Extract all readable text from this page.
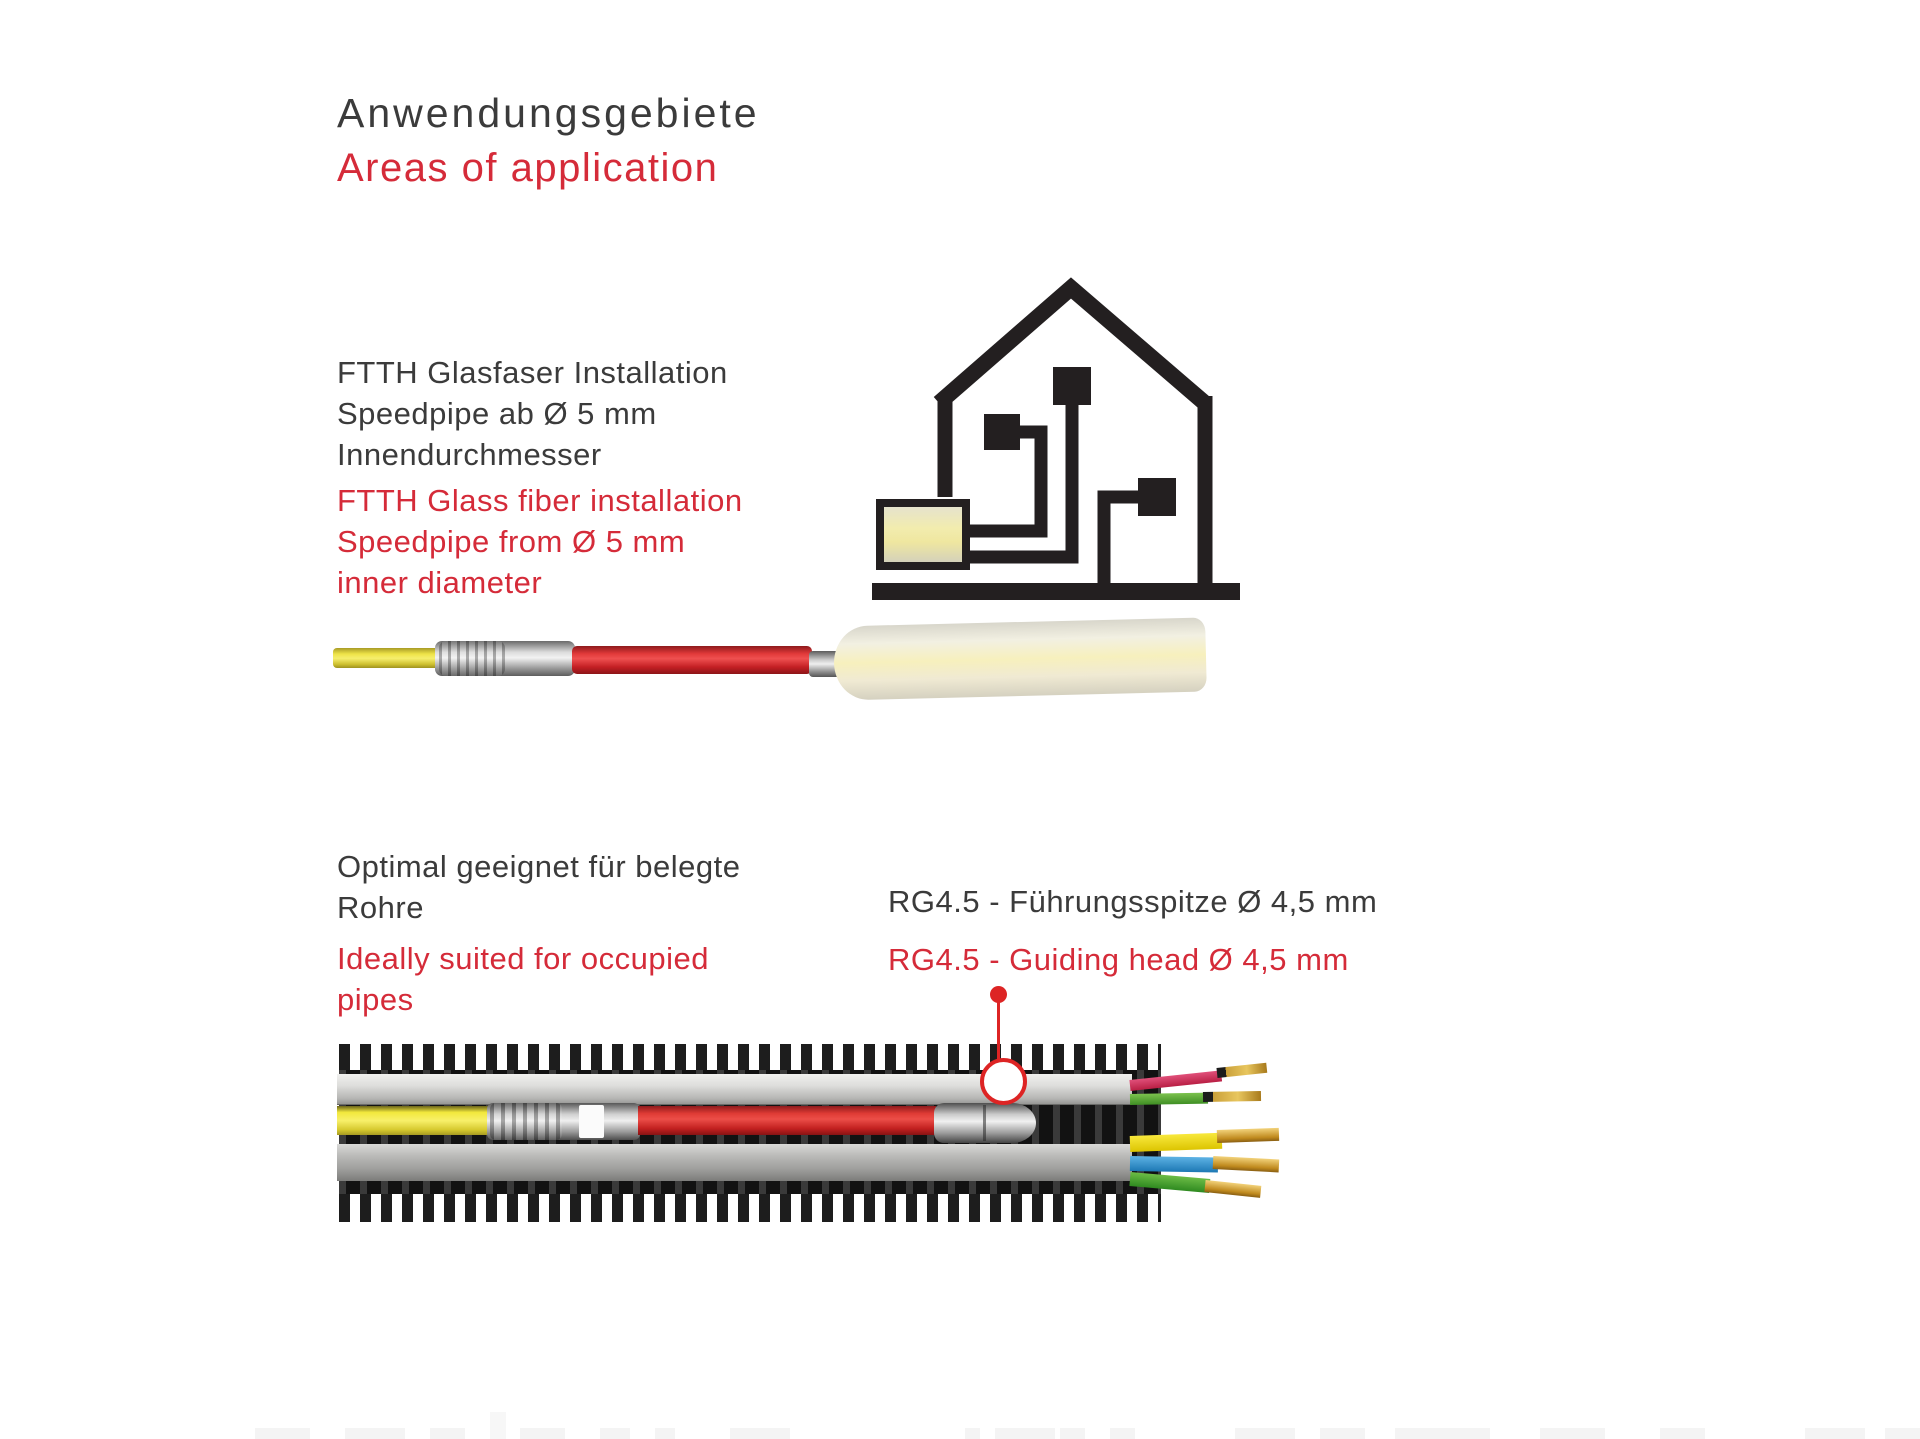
Anwendungsgebiete
Areas of application
FTTH Glasfaser Installation
Speedpipe ab Ø 5 mm
Innendurchmesser
FTTH Glass fiber installation
Speedpipe from Ø 5 mm
inner diameter
Optimal geeignet für belegte
Rohre
Ideally suited for occupied
pipes
RG4.5 - Führungsspitze Ø 4,5 mm
RG4.5 - Guiding head Ø 4,5 mm
